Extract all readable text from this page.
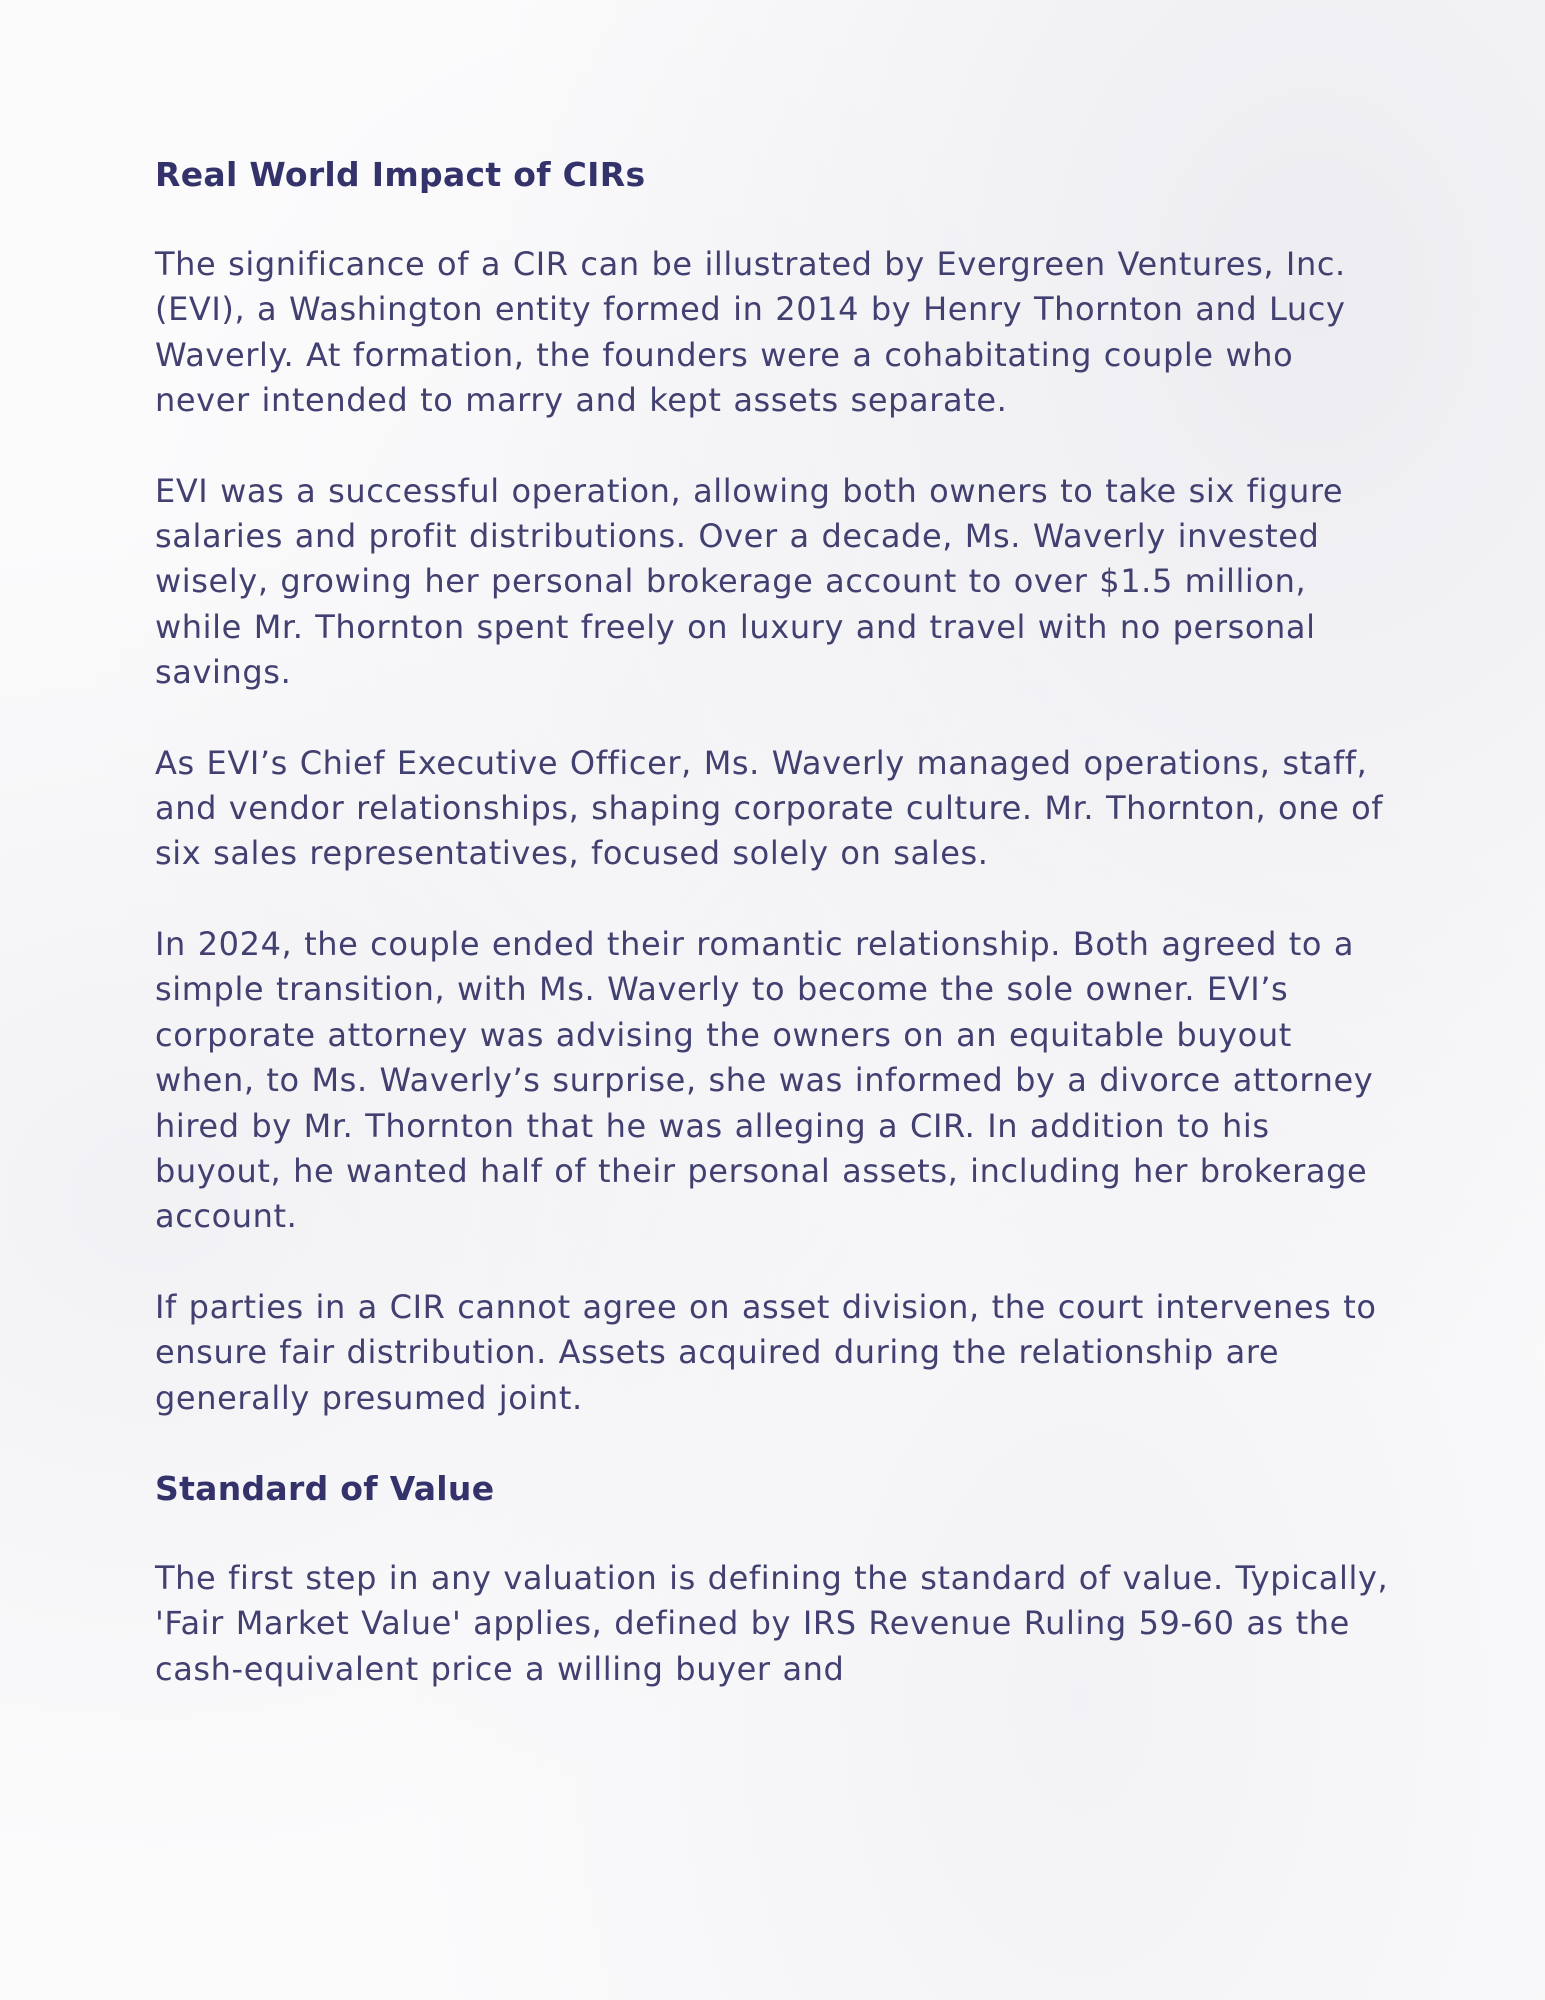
Real World Impact of CIRs

The significance of a CIR can be illustrated by Evergreen Ventures, Inc. (EVI), a Washington entity formed in 2014 by Henry Thornton and Lucy Waverly. At formation, the founders were a cohabitating couple who never intended to marry and kept assets separate.

EVI was a successful operation, allowing both owners to take six figure salaries and profit distributions. Over a decade, Ms. Waverly invested wisely, growing her personal brokerage account to over $1.5 million, while Mr. Thornton spent freely on luxury and travel with no personal savings.

As EVI’s Chief Executive Officer, Ms. Waverly managed operations, staff, and vendor relationships, shaping corporate culture. Mr. Thornton, one of six sales representatives, focused solely on sales.

In 2024, the couple ended their romantic relationship. Both agreed to a simple transition, with Ms. Waverly to become the sole owner. EVI’s corporate attorney was advising the owners on an equitable buyout when, to Ms. Waverly’s surprise, she was informed by a divorce attorney hired by Mr. Thornton that he was alleging a CIR. In addition to his buyout, he wanted half of their personal assets, including her brokerage account.

If parties in a CIR cannot agree on asset division, the court intervenes to ensure fair distribution. Assets acquired during the relationship are generally presumed joint.

Standard of Value

The first step in any valuation is defining the standard of value. Typically, 'Fair Market Value' applies, defined by IRS Revenue Ruling 59-60 as the cash-equivalent price a willing buyer and
